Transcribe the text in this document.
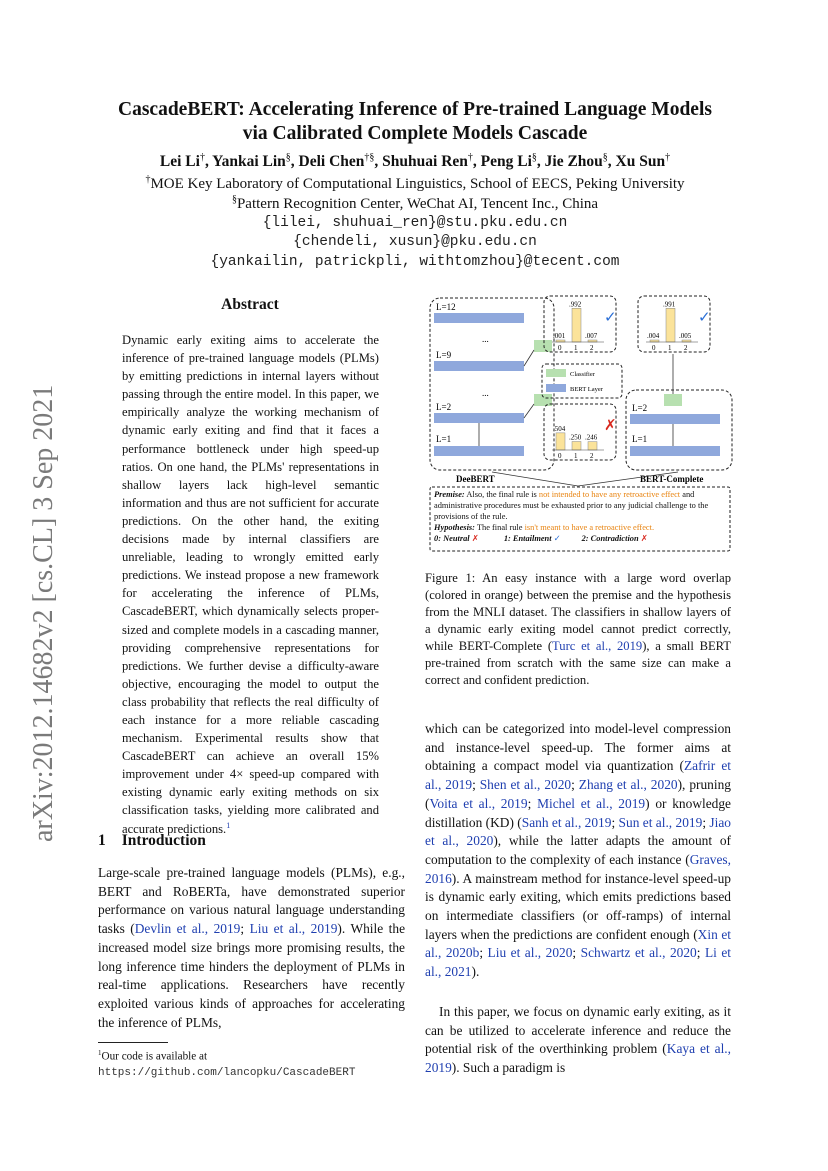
arXiv:2012.14682v2 [cs.CL] 3 Sep 2021
CascadeBERT: Accelerating Inference of Pre-trained Language Models
via Calibrated Complete Models Cascade
Lei Li†, Yankai Lin§, Deli Chen†§, Shuhuai Ren†, Peng Li§, Jie Zhou§, Xu Sun†
†MOE Key Laboratory of Computational Linguistics, School of EECS, Peking University
§Pattern Recognition Center, WeChat AI, Tencent Inc., China
{lilei, shuhuai_ren}@stu.pku.edu.cn
{chendeli, xusun}@pku.edu.cn
{yankailin, patrickpli, withtomzhou}@tecent.com
Abstract
Dynamic early exiting aims to accelerate the inference of pre-trained language models (PLMs) by emitting predictions in internal layers without passing through the entire model. In this paper, we empirically analyze the working mechanism of dynamic early exiting and find that it faces a performance bottleneck under high speed-up ratios. On one hand, the PLMs' representations in shallow layers lack high-level semantic information and thus are not sufficient for accurate predictions. On the other hand, the exiting decisions made by internal classifiers are unreliable, leading to wrongly emitted early predictions. We instead propose a new framework for accelerating the inference of PLMs, CascadeBERT, which dynamically selects proper-sized and complete models in a cascading manner, providing comprehensive representations for predictions. We further devise a difficulty-aware objective, encouraging the model to output the class probability that reflects the real difficulty of each instance for a more reliable cascading mechanism. Experimental results show that CascadeBERT can achieve an overall 15% improvement under 4× speed-up compared with existing dynamic early exiting methods on six classification tasks, yielding more calibrated and accurate predictions.$^1$
1 Introduction
Large-scale pre-trained language models (PLMs), e.g., BERT and RoBERTa, have demonstrated superior performance on various natural language understanding tasks (Devlin et al., 2019; Liu et al., 2019). While the increased model size brings more promising results, the long inference time hinders the deployment of PLMs in real-time applications. Researchers have recently exploited various kinds of approaches for accelerating the inference of PLMs,
which can be categorized into model-level compression and instance-level speed-up. The former aims at obtaining a compact model via quantization (Zafrir et al., 2019; Shen et al., 2020; Zhang et al., 2020), pruning (Voita et al., 2019; Michel et al., 2019) or knowledge distillation (KD) (Sanh et al., 2019; Sun et al., 2019; Jiao et al., 2020), while the latter adapts the amount of computation to the complexity of each instance (Graves, 2016). A mainstream method for instance-level speed-up is dynamic early exiting, which emits predictions based on intermediate classifiers (or off-ramps) of internal layers when the predictions are confident enough (Xin et al., 2020b; Liu et al., 2020; Schwartz et al., 2020; Li et al., 2021).
In this paper, we focus on dynamic early exiting, as it can be utilized to accelerate inference and reduce the potential risk of the overthinking problem (Kaya et al., 2019). Such a paradigm is
$^1$Our code is available at https://github.com/lancopku/CascadeBERT
L=12
L=9
L=2
L=1
...
...
.001
0
.992
1
.007
2
✓
.504
0
.250
1
.246
2
✗
.004
0
.991
1
.005
2
✓
Classifier
BERT Layer
L=2
L=1
DeeBERT	BERT-Complete
Premise: Also, the final rule is not intended to have any retroactive effect and administrative procedures must be exhausted prior to any judicial challenge to the provisions of the rule.
Hypothesis: The final rule isn't meant to have a retroactive effect.
0: Neutral ✗	1: Entailment ✓ 2: Contradiction ✗
Figure 1: An easy instance with a large word overlap (colored in orange) between the premise and the hypothesis from the MNLI dataset. The classifiers in shallow layers of a dynamic early exiting model cannot predict correctly, while BERT-Complete (Turc et al., 2019), a small BERT pre-trained from scratch with the same size can make a correct and confident prediction.
